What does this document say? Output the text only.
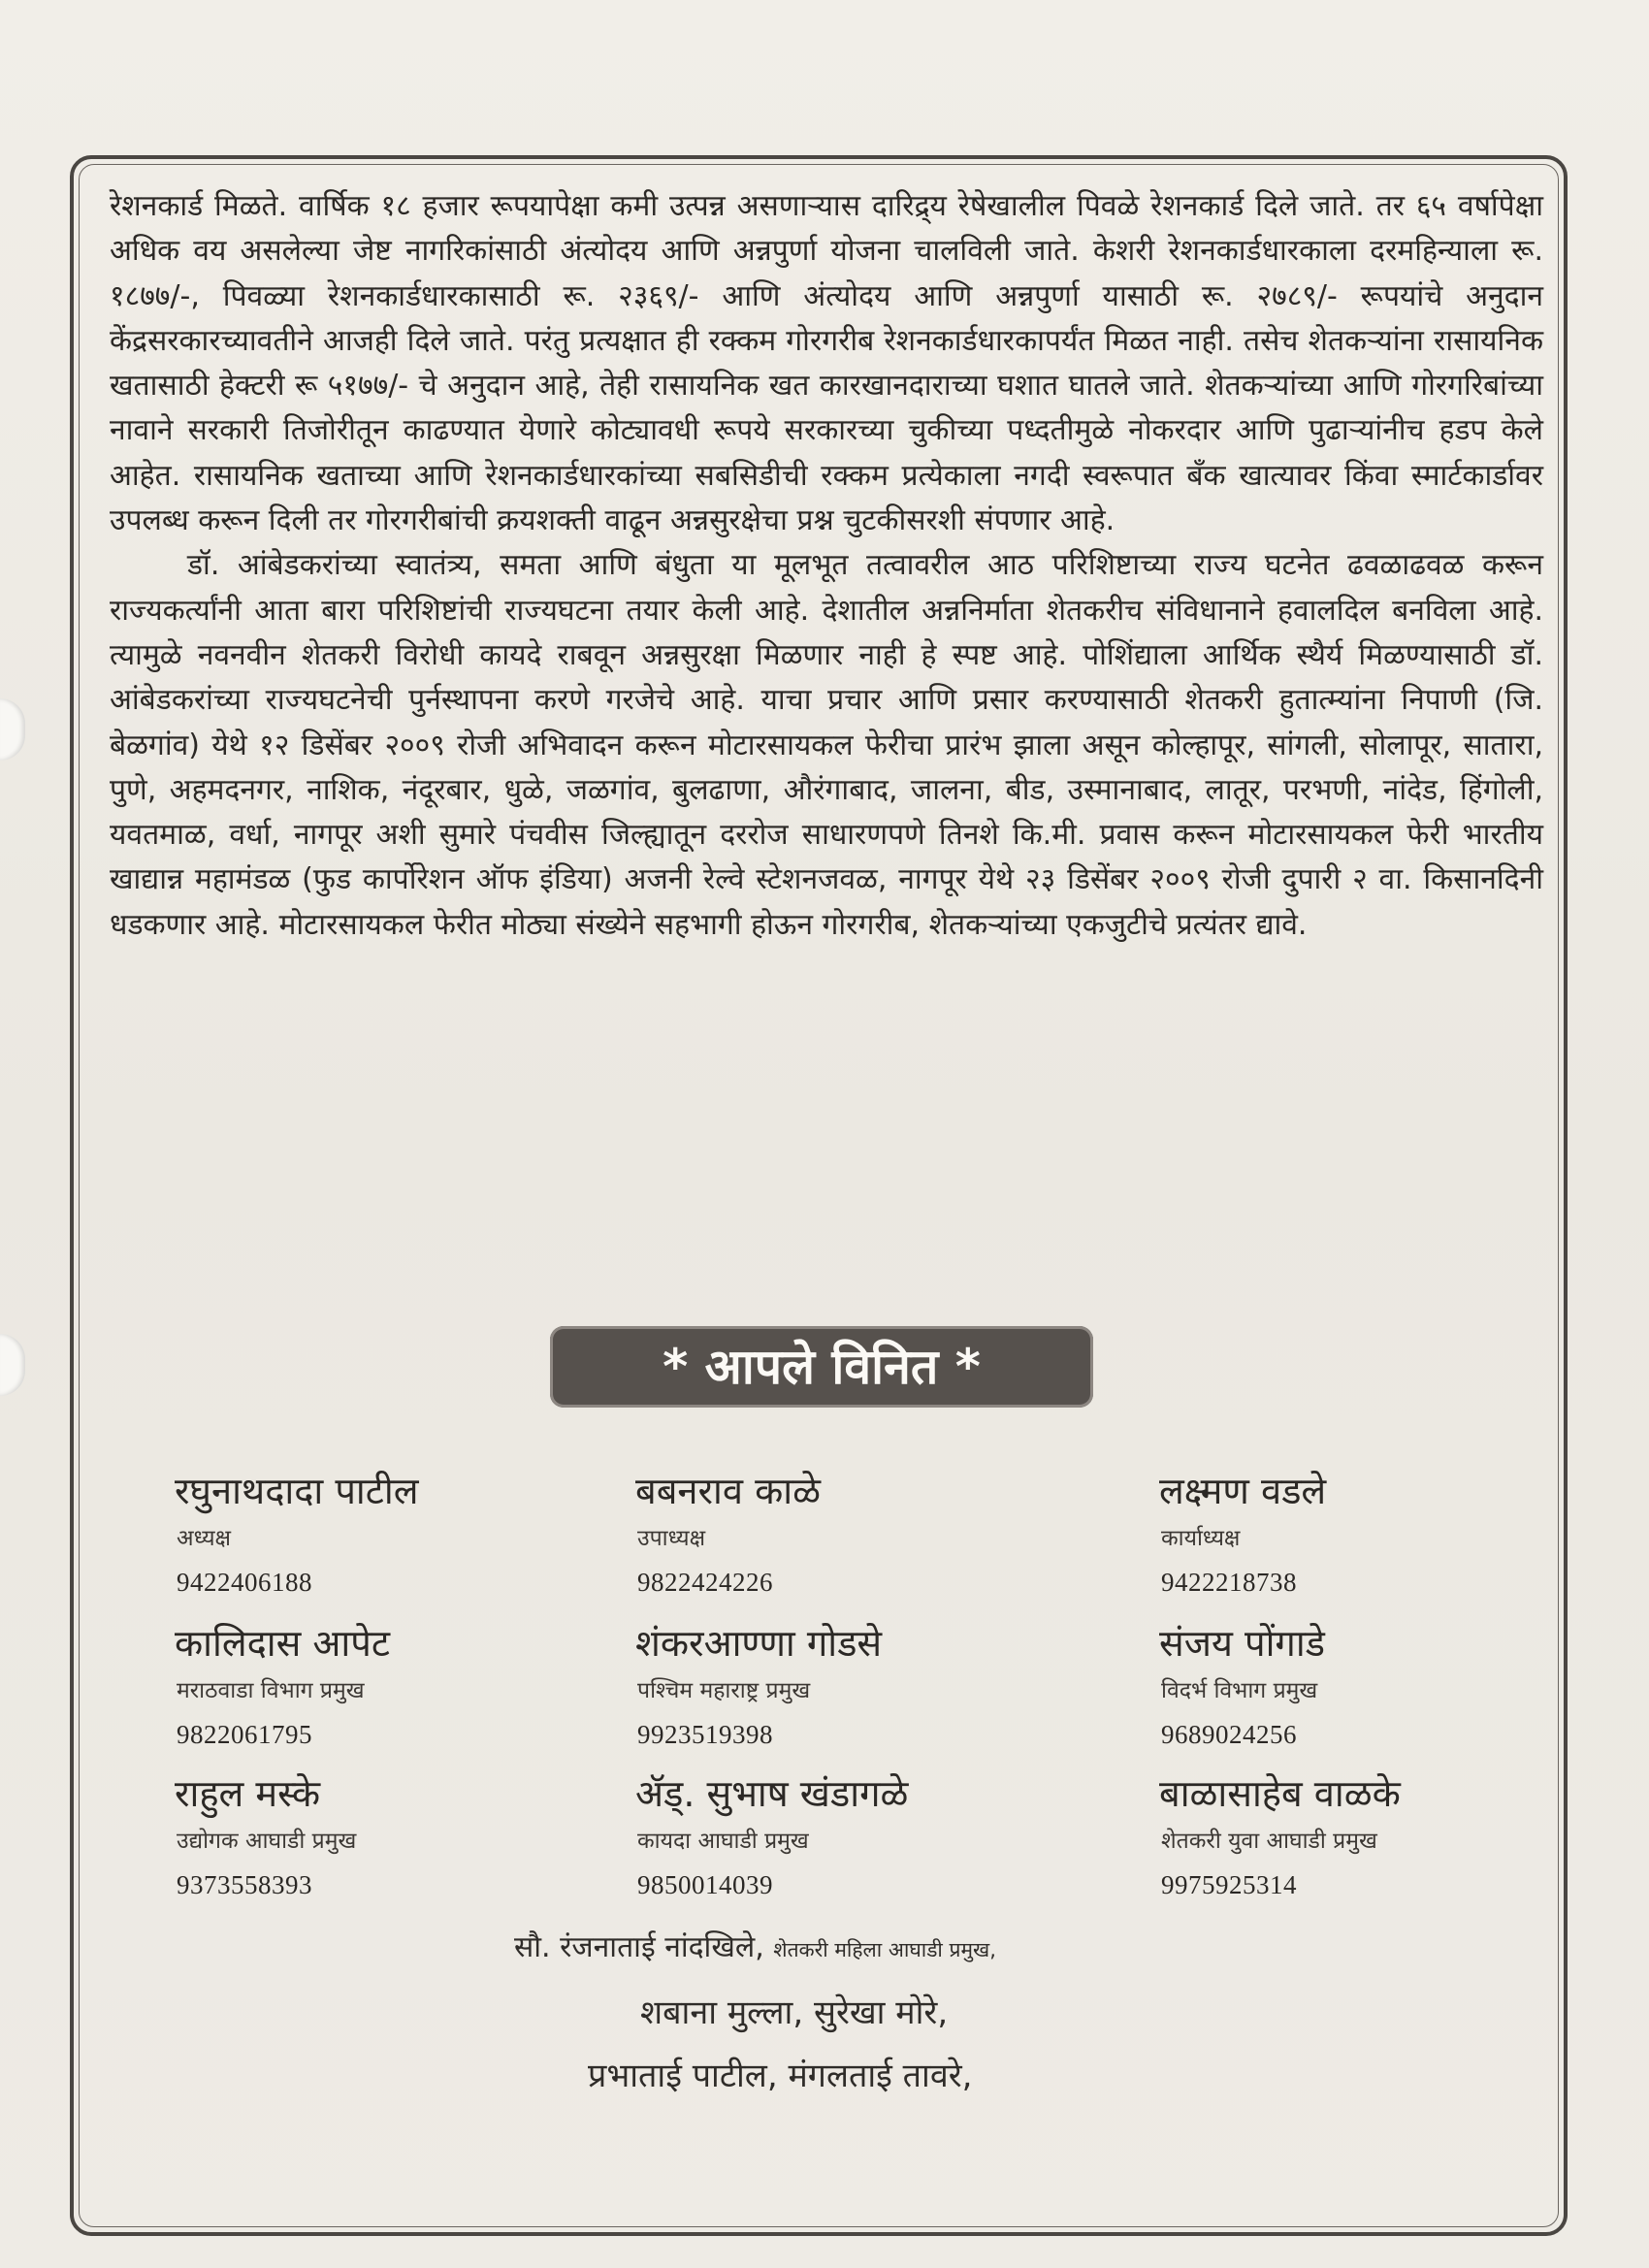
रेशनकार्ड मिळते. वार्षिक १८ हजार रूपयापेक्षा कमी उत्पन्न असणाऱ्यास दारिद्र्य रेषेखालील पिवळे रेशनकार्ड दिले जाते. तर ६५ वर्षापेक्षा अधिक वय असलेल्या जेष्ट नागरिकांसाठी अंत्योदय आणि अन्नपुर्णा योजना चालविली जाते. केशरी रेशनकार्डधारकाला दरमहिन्याला रू. १८७७/-, पिवळ्या रेशनकार्डधारकासाठी रू. २३६९/- आणि अंत्योदय आणि अन्नपुर्णा यासाठी रू. २७८९/- रूपयांचे अनुदान केंद्रसरकारच्यावतीने आजही दिले जाते. परंतु प्रत्यक्षात ही रक्कम गोरगरीब रेशनकार्डधारकापर्यंत मिळत नाही. तसेच शेतकऱ्यांना रासायनिक खतासाठी हेक्टरी रू ५१७७/- चे अनुदान आहे, तेही रासायनिक खत कारखानदाराच्या घशात घातले जाते. शेतकऱ्यांच्या आणि गोरगरिबांच्या नावाने सरकारी तिजोरीतून काढण्यात येणारे कोट्यावधी रूपये सरकारच्या चुकीच्या पध्दतीमुळे नोकरदार आणि पुढाऱ्यांनीच हडप केले आहेत. रासायनिक खताच्या आणि रेशनकार्डधारकांच्या सबसिडीची रक्कम प्रत्येकाला नगदी स्वरूपात बँक खात्यावर किंवा स्मार्टकार्डावर उपलब्ध करून दिली तर गोरगरीबांची क्रयशक्ती वाढून अन्नसुरक्षेचा प्रश्न चुटकीसरशी संपणार आहे.

डॉ. आंबेडकरांच्या स्वातंत्र्य, समता आणि बंधुता या मूलभूत तत्वावरील आठ परिशिष्टाच्या राज्य घटनेत ढवळाढवळ करून राज्यकर्त्यांनी आता बारा परिशिष्टांची राज्यघटना तयार केली आहे. देशातील अन्ननिर्माता शेतकरीच संविधानाने हवालदिल बनविला आहे. त्यामुळे नवनवीन शेतकरी विरोधी कायदे राबवून अन्नसुरक्षा मिळणार नाही हे स्पष्ट आहे. पोशिंद्याला आर्थिक स्थैर्य मिळण्यासाठी डॉ. आंबेडकरांच्या राज्यघटनेची पुर्नस्थापना करणे गरजेचे आहे. याचा प्रचार आणि प्रसार करण्यासाठी शेतकरी हुतात्म्यांना निपाणी (जि. बेळगांव) येथे १२ डिसेंबर २००९ रोजी अभिवादन करून मोटारसायकल फेरीचा प्रारंभ झाला असून कोल्हापूर, सांगली, सोलापूर, सातारा, पुणे, अहमदनगर, नाशिक, नंदूरबार, धुळे, जळगांव, बुलढाणा, औरंगाबाद, जालना, बीड, उस्मानाबाद, लातूर, परभणी, नांदेड, हिंगोली, यवतमाळ, वर्धा, नागपूर अशी सुमारे पंचवीस जिल्ह्यातून दररोज साधारणपणे तिनशे कि.मी. प्रवास करून मोटारसायकल फेरी भारतीय खाद्यान्न महामंडळ (फुड कार्पोरेशन ऑफ इंडिया) अजनी रेल्वे स्टेशनजवळ, नागपूर येथे २३ डिसेंबर २००९ रोजी दुपारी २ वा. किसानदिनी धडकणार आहे. मोटारसायकल फेरीत मोठ्या संख्येने सहभागी होऊन गोरगरीब, शेतकऱ्यांच्या एकजुटीचे प्रत्यंतर द्यावे.

* आपले विनित *
रघुनाथदादा पाटील
अध्यक्ष
9422406188
बबनराव काळे
उपाध्यक्ष
9822424226
लक्ष्मण वडले
कार्याध्यक्ष
9422218738
कालिदास आपेट
मराठवाडा विभाग प्रमुख
9822061795
शंकरआण्णा गोडसे
पश्चिम महाराष्ट्र प्रमुख
9923519398
संजय पोंगाडे
विदर्भ विभाग प्रमुख
9689024256
राहुल मस्के
उद्योगक आघाडी प्रमुख
9373558393
ॲड्. सुभाष खंडागळे
कायदा आघाडी प्रमुख
9850014039
बाळासाहेब वाळके
शेतकरी युवा आघाडी प्रमुख
9975925314
सौ. रंजनाताई नांदखिले, शेतकरी महिला आघाडी प्रमुख,
शबाना मुल्ला, सुरेखा मोरे,
प्रभाताई पाटील, मंगलताई तावरे,
